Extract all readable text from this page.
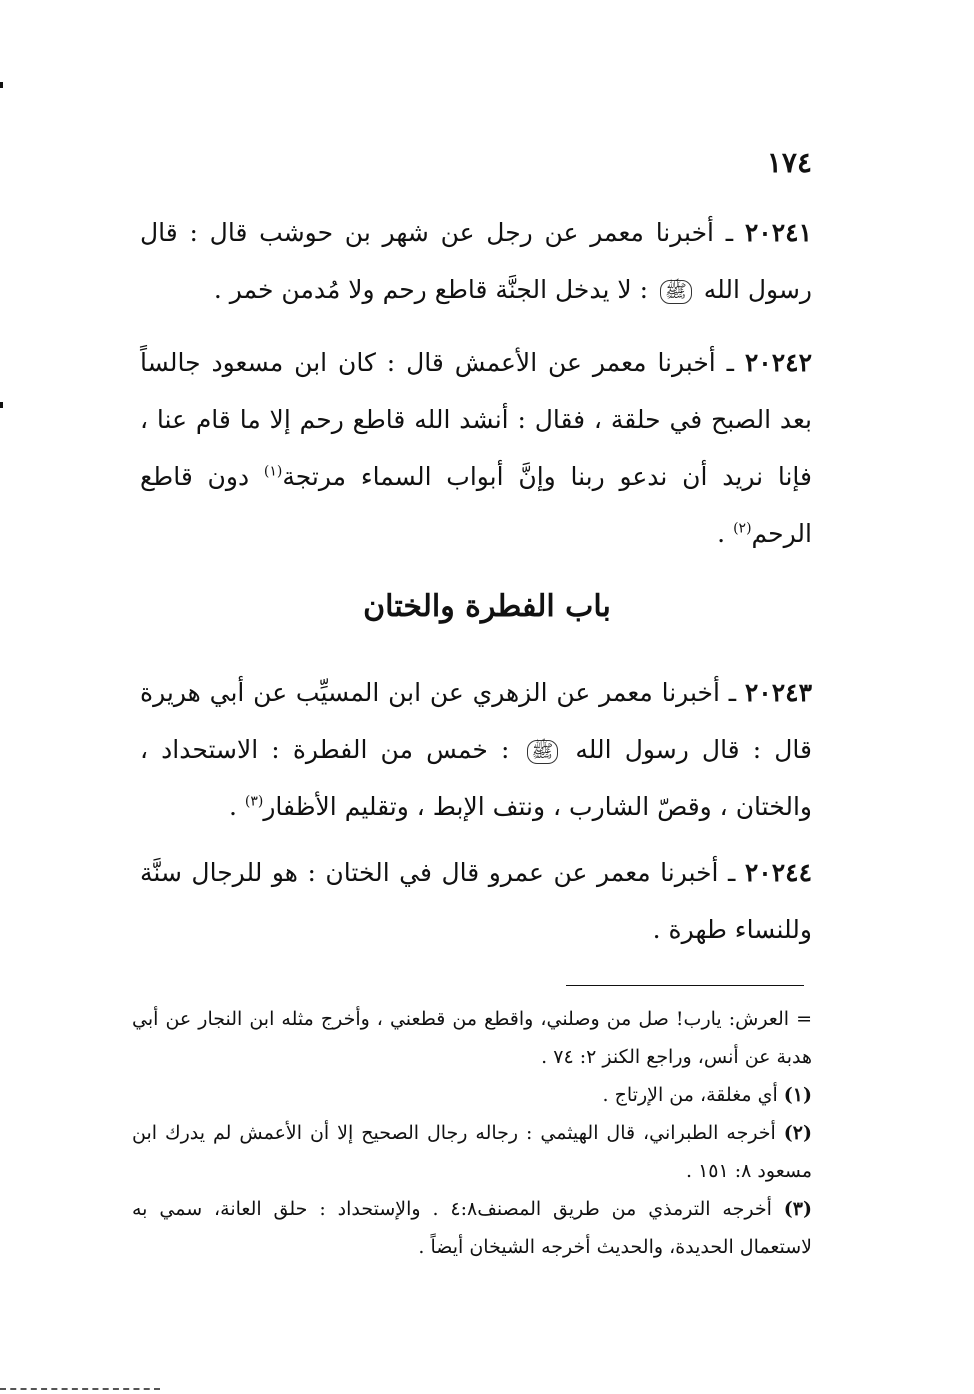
١٧٤
٢٠٢٤١ ـ أخبرنا معمر عن رجل عن شهر بن حوشب قال : قال رسول الله ﷺ : لا يدخل الجنَّة قاطع رحم ولا مُدمن خمر .
٢٠٢٤٢ ـ أخبرنا معمر عن الأعمش قال : كان ابن مسعود جالساً بعد الصبح في حلقة ، فقال : أنشد الله قاطع رحم إلا ما قام عنا ، فإنا نريد أن ندعو ربنا وإنَّ أبواب السماء مرتجة$^{(١)}$ دون قاطع الرحم$^{(٢)}$ .
باب الفطرة والختان
٢٠٢٤٣ ـ أخبرنا معمر عن الزهري عن ابن المسيِّب عن أبي هريرة قال : قال رسول الله ﷺ : خمس من الفطرة : الاستحداد ، والختان ، وقصّ الشارب ، ونتف الإبط ، وتقليم الأظفار$^{(٣)}$ .
٢٠٢٤٤ ـ أخبرنا معمر عن عمرو قال في الختان : هو للرجال سنَّة وللنساء طهرة .
= العرش: يارب! صل من وصلني، واقطع من قطعني ، وأخرج مثله ابن النجار عن أبي هدبة عن أنس، وراجع الكنز ٢: ٧٤ .
(١) أي مغلقة، من الإرتاج .
(٢) أخرجه الطبراني، قال الهيثمي : رجاله رجال الصحيح إلا أن الأعمش لم يدرك ابن مسعود ٨: ١٥١ .
(٣) أخرجه الترمذي من طريق المصنف٤:٨ . والإستحداد : حلق العانة، سمي به لاستعمال الحديدة، والحديث أخرجه الشيخان أيضاً .
